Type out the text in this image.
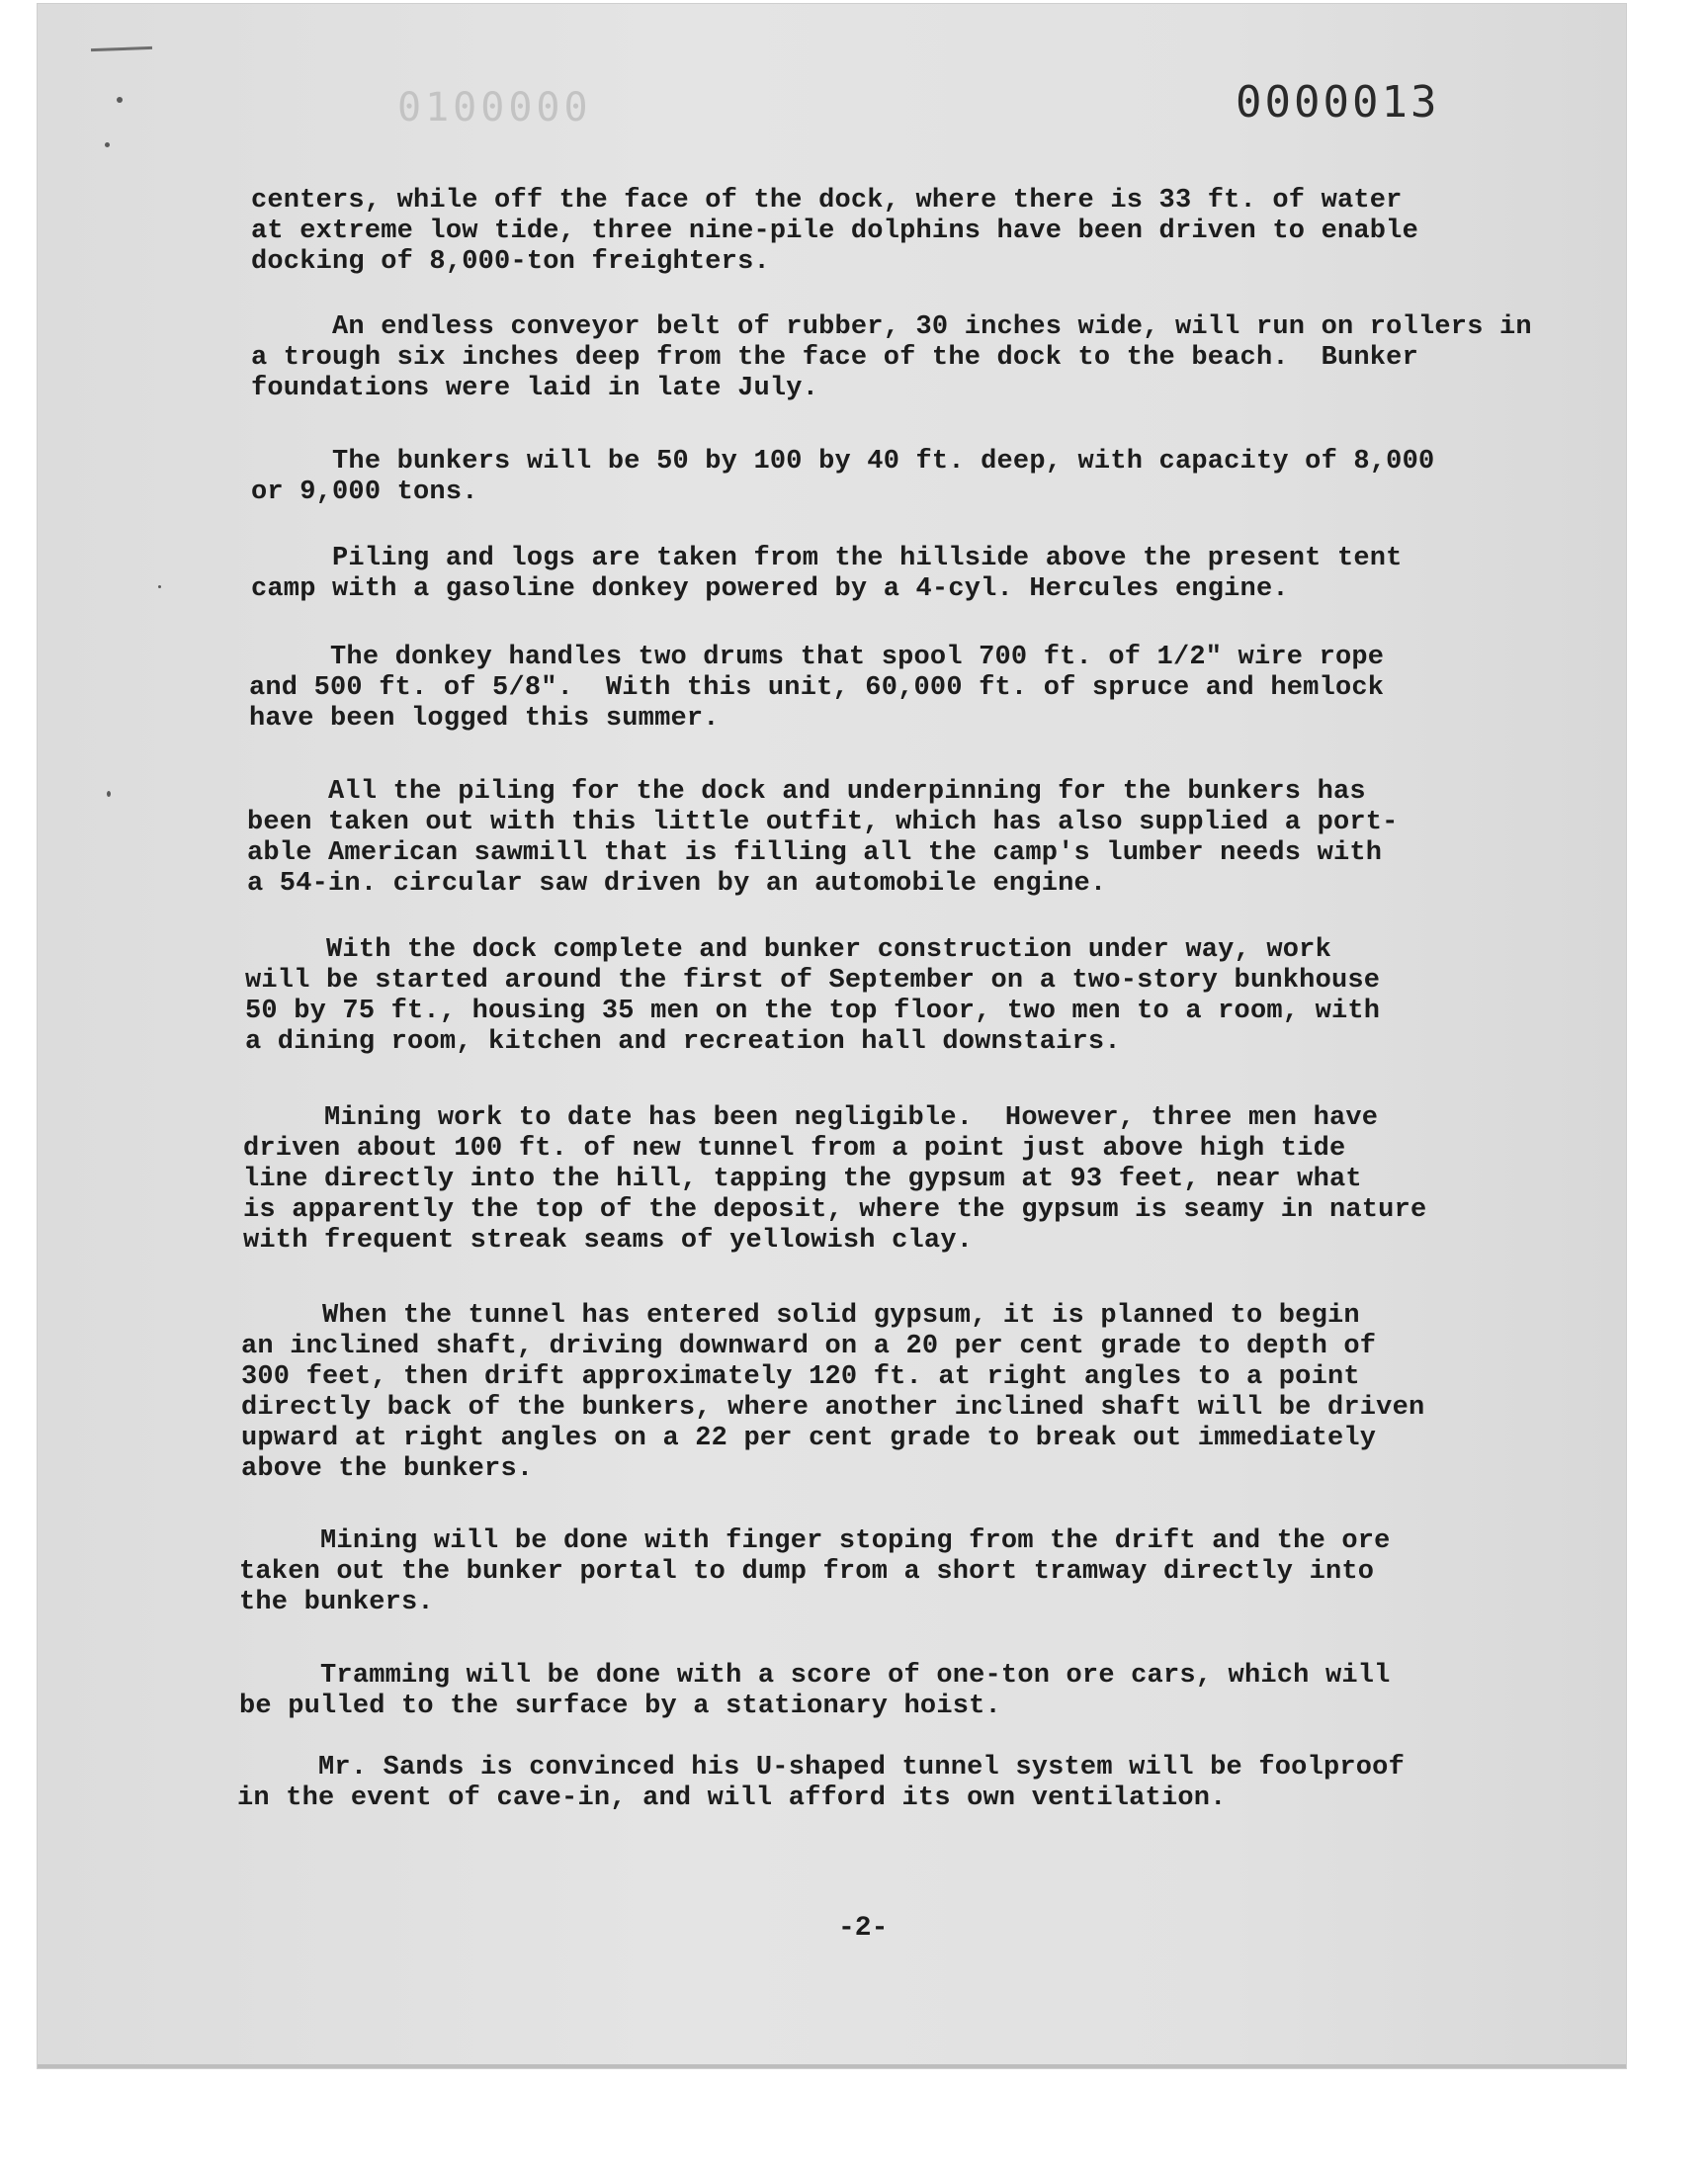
0100000	0000013
centers, while off the face of the dock, where there is 33 ft. of water
at extreme low tide, three nine-pile dolphins have been driven to enable
docking of 8,000-ton freighters.
An endless conveyor belt of rubber, 30 inches wide, will run on rollers in
a trough six inches deep from the face of the dock to the beach.  Bunker
foundations were laid in late July.
The bunkers will be 50 by 100 by 40 ft. deep, with capacity of 8,000
or 9,000 tons.
Piling and logs are taken from the hillside above the present tent
camp with a gasoline donkey powered by a 4-cyl. Hercules engine.
The donkey handles two drums that spool 700 ft. of 1/2" wire rope
and 500 ft. of 5/8".  With this unit, 60,000 ft. of spruce and hemlock
have been logged this summer.
All the piling for the dock and underpinning for the bunkers has
been taken out with this little outfit, which has also supplied a port-
able American sawmill that is filling all the camp's lumber needs with
a 54-in. circular saw driven by an automobile engine.
With the dock complete and bunker construction under way, work
will be started around the first of September on a two-story bunkhouse
50 by 75 ft., housing 35 men on the top floor, two men to a room, with
a dining room, kitchen and recreation hall downstairs.
Mining work to date has been negligible.  However, three men have
driven about 100 ft. of new tunnel from a point just above high tide
line directly into the hill, tapping the gypsum at 93 feet, near what
is apparently the top of the deposit, where the gypsum is seamy in nature
with frequent streak seams of yellowish clay.
When the tunnel has entered solid gypsum, it is planned to begin
an inclined shaft, driving downward on a 20 per cent grade to depth of
300 feet, then drift approximately 120 ft. at right angles to a point
directly back of the bunkers, where another inclined shaft will be driven
upward at right angles on a 22 per cent grade to break out immediately
above the bunkers.
Mining will be done with finger stoping from the drift and the ore
taken out the bunker portal to dump from a short tramway directly into
the bunkers.
Tramming will be done with a score of one-ton ore cars, which will
be pulled to the surface by a stationary hoist.
Mr. Sands is convinced his U-shaped tunnel system will be foolproof
in the event of cave-in, and will afford its own ventilation.
-2-
